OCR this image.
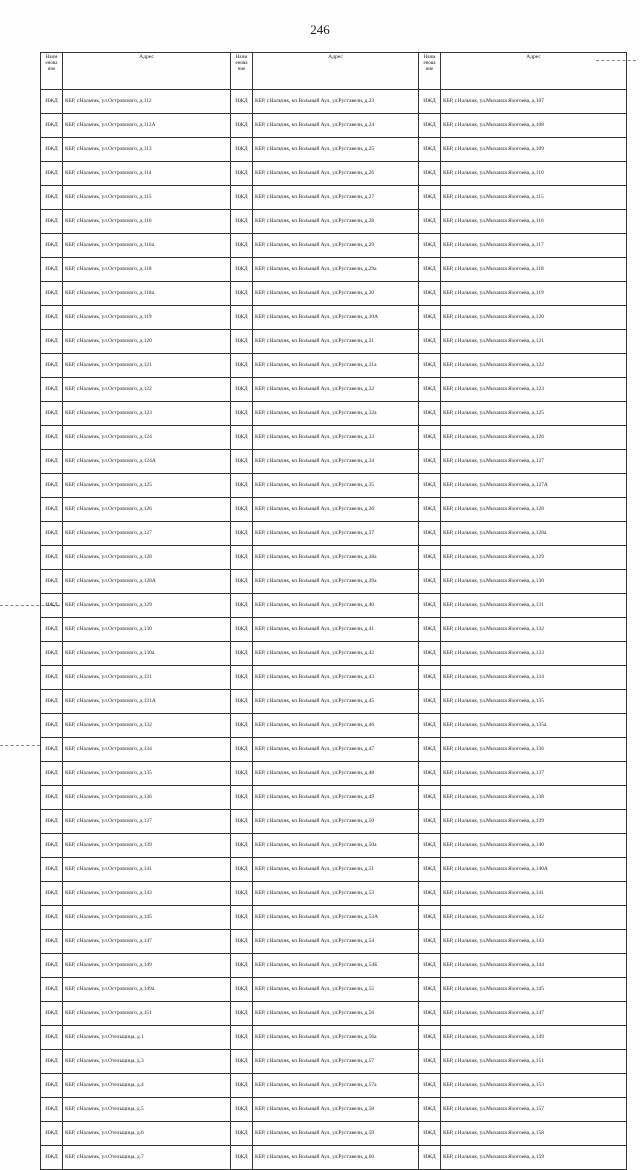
246
Наим енова ние	Адрес	Наим енова ние	Адрес	Наим енова ние	Адрес
ИЖД	КБР, г.Нальчик, ул.Островского, д.112	ИЖД	КБР, г.Нальчик, кп.Вольный Аул, ул.Руставели, д.23	ИЖД	КБР, г.Нальчик, ул.Михаила Яхогоева, д.107
ИЖД	КБР, г.Нальчик, ул.Островского, д.112А	ИЖД	КБР, г.Нальчик, кп.Вольный Аул, ул.Руставели, д.24	ИЖД	КБР, г.Нальчик, ул.Михаила Яхогоева, д.108
ИЖД	КБР, г.Нальчик, ул.Островского, д.113	ИЖД	КБР, г.Нальчик, кп.Вольный Аул, ул.Руставели, д.25	ИЖД	КБР, г.Нальчик, ул.Михаила Яхогоева, д.109
ИЖД	КБР, г.Нальчик, ул.Островского, д.114	ИЖД	КБР, г.Нальчик, кп.Вольный Аул, ул.Руставели, д.26	ИЖД	КБР, г.Нальчик, ул.Михаила Яхогоева, д.110
ИЖД	КБР, г.Нальчик, ул.Островского, д.115	ИЖД	КБР, г.Нальчик, кп.Вольный Аул, ул.Руставели, д.27	ИЖД	КБР, г.Нальчик, ул.Михаила Яхогоева, д.115
ИЖД	КБР, г.Нальчик, ул.Островского, д.116	ИЖД	КБР, г.Нальчик, кп.Вольный Аул, ул.Руставели, д.28	ИЖД	КБР, г.Нальчик, ул.Михаила Яхогоева, д.116
ИЖД	КБР, г.Нальчик, ул.Островского, д.116а	ИЖД	КБР, г.Нальчик, кп.Вольный Аул, ул.Руставели, д.29	ИЖД	КБР, г.Нальчик, ул.Михаила Яхогоева, д.117
ИЖД	КБР, г.Нальчик, ул.Островского, д.118	ИЖД	КБР, г.Нальчик, кп.Вольный Аул, ул.Руставели, д.29а	ИЖД	КБР, г.Нальчик, ул.Михаила Яхогоева, д.118
ИЖД	КБР, г.Нальчик, ул.Островского, д.118а	ИЖД	КБР, г.Нальчик, кп.Вольный Аул, ул.Руставели, д.30	ИЖД	КБР, г.Нальчик, ул.Михаила Яхогоева, д.119
ИЖД	КБР, г.Нальчик, ул.Островского, д.119	ИЖД	КБР, г.Нальчик, кп.Вольный Аул, ул.Руставели, д.30А	ИЖД	КБР, г.Нальчик, ул.Михаила Яхогоева, д.120
ИЖД	КБР, г.Нальчик, ул.Островского, д.120	ИЖД	КБР, г.Нальчик, кп.Вольный Аул, ул.Руставели, д.31	ИЖД	КБР, г.Нальчик, ул.Михаила Яхогоева, д.121
ИЖД	КБР, г.Нальчик, ул.Островского, д.121	ИЖД	КБР, г.Нальчик, кп.Вольный Аул, ул.Руставели, д.31а	ИЖД	КБР, г.Нальчик, ул.Михаила Яхогоева, д.122
ИЖД	КБР, г.Нальчик, ул.Островского, д.122	ИЖД	КБР, г.Нальчик, кп.Вольный Аул, ул.Руставели, д.32	ИЖД	КБР, г.Нальчик, ул.Михаила Яхогоева, д.123
ИЖД	КБР, г.Нальчик, ул.Островского, д.123	ИЖД	КБР, г.Нальчик, кп.Вольный Аул, ул.Руставели, д.32а	ИЖД	КБР, г.Нальчик, ул.Михаила Яхогоева, д.125
ИЖД	КБР, г.Нальчик, ул.Островского, д.124	ИЖД	КБР, г.Нальчик, кп.Вольный Аул, ул.Руставели, д.33	ИЖД	КБР, г.Нальчик, ул.Михаила Яхогоева, д.126
ИЖД	КБР, г.Нальчик, ул.Островского, д.124А	ИЖД	КБР, г.Нальчик, кп.Вольный Аул, ул.Руставели, д.34	ИЖД	КБР, г.Нальчик, ул.Михаила Яхогоева, д.127
ИЖД	КБР, г.Нальчик, ул.Островского, д.125	ИЖД	КБР, г.Нальчик, кп.Вольный Аул, ул.Руставели, д.35	ИЖД	КБР, г.Нальчик, ул.Михаила Яхогоева, д.127А
ИЖД	КБР, г.Нальчик, ул.Островского, д.126	ИЖД	КБР, г.Нальчик, кп.Вольный Аул, ул.Руставели, д.36	ИЖД	КБР, г.Нальчик, ул.Михаила Яхогоева, д.128
ИЖД	КБР, г.Нальчик, ул.Островского, д.127	ИЖД	КБР, г.Нальчик, кп.Вольный Аул, ул.Руставели, д.37	ИЖД	КБР, г.Нальчик, ул.Михаила Яхогоева, д.128а
ИЖД	КБР, г.Нальчик, ул.Островского, д.128	ИЖД	КБР, г.Нальчик, кп.Вольный Аул, ул.Руставели, д.38а	ИЖД	КБР, г.Нальчик, ул.Михаила Яхогоева, д.129
ИЖД	КБР, г.Нальчик, ул.Островского, д.128А	ИЖД	КБР, г.Нальчик, кп.Вольный Аул, ул.Руставели, д.39а	ИЖД	КБР, г.Нальчик, ул.Михаила Яхогоева, д.130
ИЖД	КБР, г.Нальчик, ул.Островского, д.129	ИЖД	КБР, г.Нальчик, кп.Вольный Аул, ул.Руставели, д.40	ИЖД	КБР, г.Нальчик, ул.Михаила Яхогоева, д.131
ИЖД	КБР, г.Нальчик, ул.Островского, д.130	ИЖД	КБР, г.Нальчик, кп.Вольный Аул, ул.Руставели, д.41	ИЖД	КБР, г.Нальчик, ул.Михаила Яхогоева, д.132
ИЖД	КБР, г.Нальчик, ул.Островского, д.130а	ИЖД	КБР, г.Нальчик, кп.Вольный Аул, ул.Руставели, д.42	ИЖД	КБР, г.Нальчик, ул.Михаила Яхогоева, д.133
ИЖД	КБР, г.Нальчик, ул.Островского, д.131	ИЖД	КБР, г.Нальчик, кп.Вольный Аул, ул.Руставели, д.43	ИЖД	КБР, г.Нальчик, ул.Михаила Яхогоева, д.134
ИЖД	КБР, г.Нальчик, ул.Островского, д.131А	ИЖД	КБР, г.Нальчик, кп.Вольный Аул, ул.Руставели, д.45	ИЖД	КБР, г.Нальчик, ул.Михаила Яхогоева, д.135
ИЖД	КБР, г.Нальчик, ул.Островского, д.132	ИЖД	КБР, г.Нальчик, кп.Вольный Аул, ул.Руставели, д.46	ИЖД	КБР, г.Нальчик, ул.Михаила Яхогоева, д.135а
ИЖД	КБР, г.Нальчик, ул.Островского, д.134	ИЖД	КБР, г.Нальчик, кп.Вольный Аул, ул.Руставели, д.47	ИЖД	КБР, г.Нальчик, ул.Михаила Яхогоева, д.136
ИЖД	КБР, г.Нальчик, ул.Островского, д.135	ИЖД	КБР, г.Нальчик, кп.Вольный Аул, ул.Руставели, д.48	ИЖД	КБР, г.Нальчик, ул.Михаила Яхогоева, д.137
ИЖД	КБР, г.Нальчик, ул.Островского, д.136	ИЖД	КБР, г.Нальчик, кп.Вольный Аул, ул.Руставели, д.49	ИЖД	КБР, г.Нальчик, ул.Михаила Яхогоева, д.138
ИЖД	КБР, г.Нальчик, ул.Островского, д.137	ИЖД	КБР, г.Нальчик, кп.Вольный Аул, ул.Руставели, д.50	ИЖД	КБР, г.Нальчик, ул.Михаила Яхогоева, д.139
ИЖД	КБР, г.Нальчик, ул.Островского, д.139	ИЖД	КБР, г.Нальчик, кп.Вольный Аул, ул.Руставели, д.50а	ИЖД	КБР, г.Нальчик, ул.Михаила Яхогоева, д.140
ИЖД	КБР, г.Нальчик, ул.Островского, д.141	ИЖД	КБР, г.Нальчик, кп.Вольный Аул, ул.Руставели, д.51	ИЖД	КБР, г.Нальчик, ул.Михаила Яхогоева, д.140А
ИЖД	КБР, г.Нальчик, ул.Островского, д.143	ИЖД	КБР, г.Нальчик, кп.Вольный Аул, ул.Руставели, д.53	ИЖД	КБР, г.Нальчик, ул.Михаила Яхогоева, д.141
ИЖД	КБР, г.Нальчик, ул.Островского, д.145	ИЖД	КБР, г.Нальчик, кп.Вольный Аул, ул.Руставели, д.53А	ИЖД	КБР, г.Нальчик, ул.Михаила Яхогоева, д.142
ИЖД	КБР, г.Нальчик, ул.Островского, д.147	ИЖД	КБР, г.Нальчик, кп.Вольный Аул, ул.Руставели, д.54	ИЖД	КБР, г.Нальчик, ул.Михаила Яхогоева, д.143
ИЖД	КБР, г.Нальчик, ул.Островского, д.149	ИЖД	КБР, г.Нальчик, кп.Вольный Аул, ул.Руставели, д.54Б	ИЖД	КБР, г.Нальчик, ул.Михаила Яхогоева, д.144
ИЖД	КБР, г.Нальчик, ул.Островского, д.149а	ИЖД	КБР, г.Нальчик, кп.Вольный Аул, ул.Руставели, д.55	ИЖД	КБР, г.Нальчик, ул.Михаила Яхогоева, д.145
ИЖД	КБР, г.Нальчик, ул.Островского, д.151	ИЖД	КБР, г.Нальчик, кп.Вольный Аул, ул.Руставели, д.56	ИЖД	КБР, г.Нальчик, ул.Михаила Яхогоева, д.147
ИЖД	КБР, г.Нальчик, ул.Отельщица, д.1	ИЖД	КБР, г.Нальчик, кп.Вольный Аул, ул.Руставели, д.56а	ИЖД	КБР, г.Нальчик, ул.Михаила Яхогоева, д.149
ИЖД	КБР, г.Нальчик, ул.Отельщица, д.3	ИЖД	КБР, г.Нальчик, кп.Вольный Аул, ул.Руставели, д.57	ИЖД	КБР, г.Нальчик, ул.Михаила Яхогоева, д.151
ИЖД	КБР, г.Нальчик, ул.Отельщица, д.4	ИЖД	КБР, г.Нальчик, кп.Вольный Аул, ул.Руставели, д.57а	ИЖД	КБР, г.Нальчик, ул.Михаила Яхогоева, д.153
ИЖД	КБР, г.Нальчик, ул.Отельщица, д.5	ИЖД	КБР, г.Нальчик, кп.Вольный Аул, ул.Руставели, д.58	ИЖД	КБР, г.Нальчик, ул.Михаила Яхогоева, д.157
ИЖД	КБР, г.Нальчик, ул.Отельщица, д.6	ИЖД	КБР, г.Нальчик, кп.Вольный Аул, ул.Руставели, д.59	ИЖД	КБР, г.Нальчик, ул.Михаила Яхогоева, д.158
ИЖД	КБР, г.Нальчик, ул.Отельщица, д.7	ИЖД	КБР, г.Нальчик, кп.Вольный Аул, ул.Руставели, д.60	ИЖД	КБР, г.Нальчик, ул.Михаила Яхогоева, д.159
